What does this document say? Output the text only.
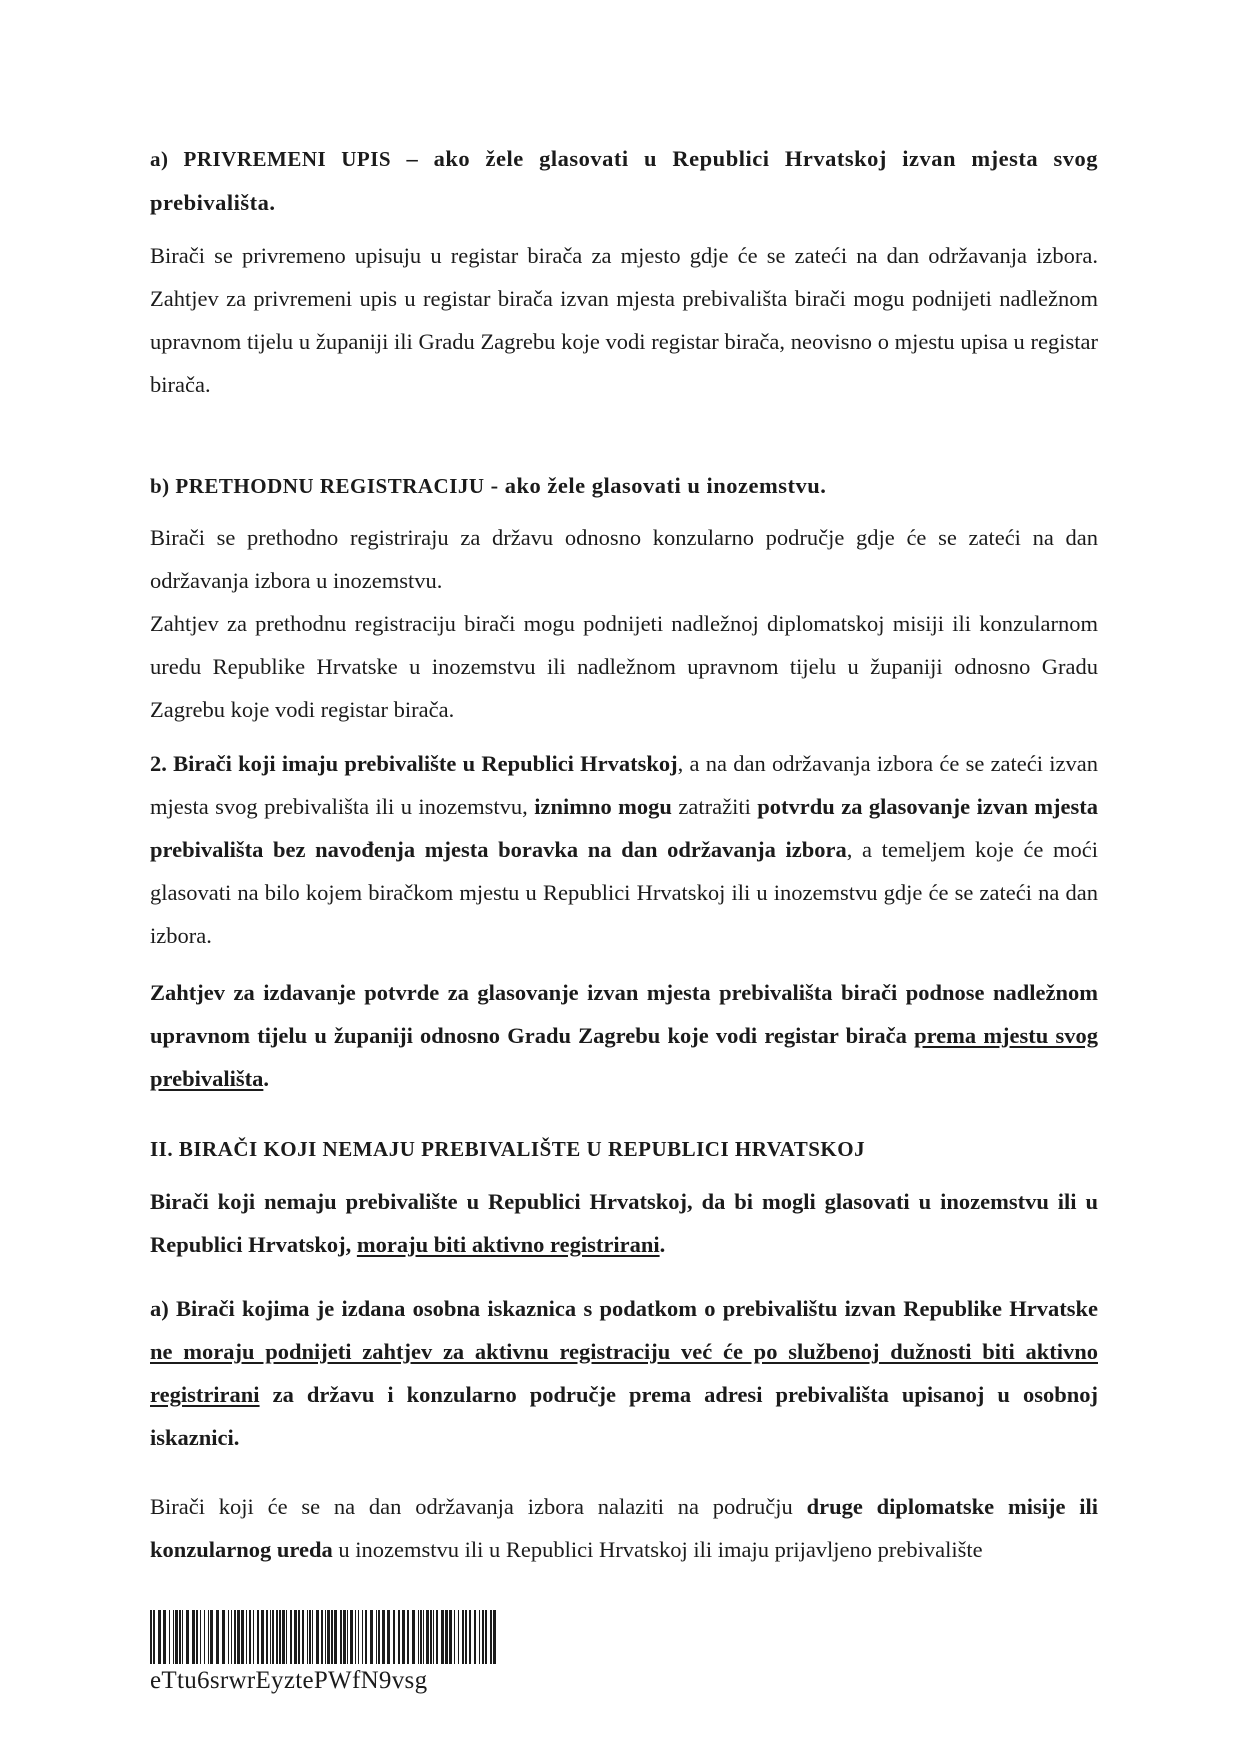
a) PRIVREMENI UPIS – ako žele glasovati u Republici Hrvatskoj izvan mjesta svog prebivališta.

Birači se privremeno upisuju u registar birača za mjesto gdje će se zateći na dan održavanja izbora. Zahtjev za privremeni upis u registar birača izvan mjesta prebivališta birači mogu podnijeti nadležnom upravnom tijelu u županiji ili Gradu Zagrebu koje vodi registar birača, neovisno o mjestu upisa u registar birača.

b) PRETHODNU REGISTRACIJU - ako žele glasovati u inozemstvu.

Birači se prethodno registriraju za državu odnosno konzularno područje gdje će se zateći na dan održavanja izbora u inozemstvu.

Zahtjev za prethodnu registraciju birači mogu podnijeti nadležnoj diplomatskoj misiji ili konzularnom uredu Republike Hrvatske u inozemstvu ili nadležnom upravnom tijelu u županiji odnosno Gradu Zagrebu koje vodi registar birača.

2. Birači koji imaju prebivalište u Republici Hrvatskoj, a na dan održavanja izbora će se zateći izvan mjesta svog prebivališta ili u inozemstvu, iznimno mogu zatražiti potvrdu za glasovanje izvan mjesta prebivališta bez navođenja mjesta boravka na dan održavanja izbora, a temeljem koje će moći glasovati na bilo kojem biračkom mjestu u Republici Hrvatskoj ili u inozemstvu gdje će se zateći na dan izbora.

Zahtjev za izdavanje potvrde za glasovanje izvan mjesta prebivališta birači podnose nadležnom upravnom tijelu u županiji odnosno Gradu Zagrebu koje vodi registar birača prema mjestu svog prebivališta.

II. BIRAČI KOJI NEMAJU PREBIVALIŠTE U REPUBLICI HRVATSKOJ

Birači koji nemaju prebivalište u Republici Hrvatskoj, da bi mogli glasovati u inozemstvu ili u Republici Hrvatskoj, moraju biti aktivno registrirani.

a) Birači kojima je izdana osobna iskaznica s podatkom o prebivalištu izvan Republike Hrvatske ne moraju podnijeti zahtjev za aktivnu registraciju već će po službenoj dužnosti biti aktivno registrirani za državu i konzularno područje prema adresi prebivališta upisanoj u osobnoj iskaznici.

Birači koji će se na dan održavanja izbora nalaziti na području druge diplomatske misije ili konzularnog ureda u inozemstvu ili u Republici Hrvatskoj ili imaju prijavljeno prebivalište

eTtu6srwrEyztePWfN9vsg
